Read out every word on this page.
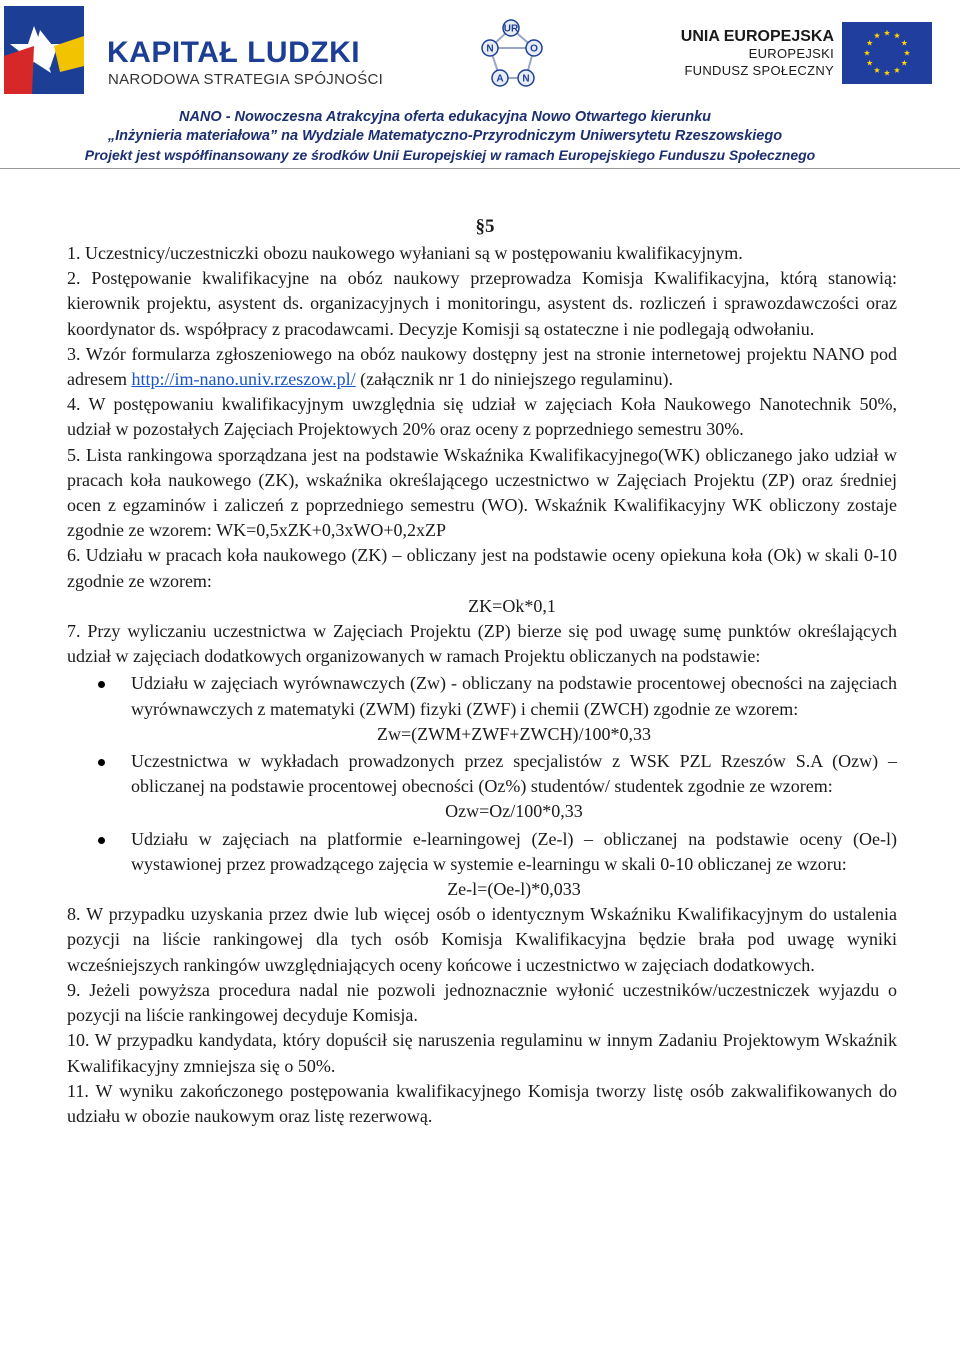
KAPITAŁ LUDZKI
NARODOWA STRATEGIA SPÓJNOŚCI
UR
N	O
A N
UNIA EUROPEJSKA
EUROPEJSKI
FUNDUSZ SPOŁECZNY
NANO - Nowoczesna Atrakcyjna oferta edukacyjna Nowo Otwartego kierunku
„Inżynieria materiałowa” na Wydziale Matematyczno-Przyrodniczym Uniwersytetu Rzeszowskiego
Projekt jest współfinansowany ze środków Unii Europejskiej w ramach Europejskiego Funduszu Społecznego
§5

1. Uczestnicy/uczestniczki obozu naukowego wyłaniani są w postępowaniu kwalifikacyjnym.

2. Postępowanie kwalifikacyjne na obóz naukowy przeprowadza Komisja Kwalifikacyjna, którą stanowią: kierownik projektu, asystent ds. organizacyjnych i monitoringu, asystent ds. rozliczeń i sprawozdawczości oraz koordynator ds. współpracy z pracodawcami. Decyzje Komisji są ostateczne i nie podlegają odwołaniu.

3. Wzór formularza zgłoszeniowego na obóz naukowy dostępny jest na stronie internetowej projektu NANO pod adresem http://im-nano.univ.rzeszow.pl/ (załącznik nr 1 do niniejszego regulaminu).

4. W postępowaniu kwalifikacyjnym uwzględnia się udział w zajęciach Koła Naukowego Nanotechnik 50%, udział w pozostałych Zajęciach Projektowych 20% oraz oceny z poprzedniego semestru 30%.

5. Lista rankingowa sporządzana jest na podstawie Wskaźnika Kwalifikacyjnego(WK) obliczanego jako udział w pracach koła naukowego (ZK), wskaźnika określającego uczestnictwo w Zajęciach Projektu (ZP) oraz średniej ocen z egzaminów i zaliczeń z poprzedniego semestru (WO). Wskaźnik Kwalifikacyjny WK obliczony zostaje zgodnie ze wzorem: WK=0,5xZK+0,3xWO+0,2xZP

6. Udziału w pracach koła naukowego (ZK) – obliczany jest na podstawie oceny opiekuna koła (Ok) w skali 0-10 zgodnie ze wzorem:

ZK=Ok*0,1

7. Przy wyliczaniu uczestnictwa w Zajęciach Projektu (ZP) bierze się pod uwagę sumę punktów określających udział w zajęciach dodatkowych organizowanych w ramach Projektu obliczanych na podstawie:

Udziału w zajęciach wyrównawczych (Zw) - obliczany na podstawie procentowej obecności na zajęciach wyrównawczych z matematyki (ZWM) fizyki (ZWF) i chemii (ZWCH) zgodnie ze wzorem:

Zw=(ZWM+ZWF+ZWCH)/100*0,33

Uczestnictwa w wykładach prowadzonych przez specjalistów z WSK PZL Rzeszów S.A (Ozw) – obliczanej na podstawie procentowej obecności (Oz%) studentów/ studentek zgodnie ze wzorem:

Ozw=Oz/100*0,33

Udziału w zajęciach na platformie e-learningowej (Ze-l) – obliczanej na podstawie oceny (Oe-l) wystawionej przez prowadzącego zajęcia w systemie e-learningu w skali 0-10 obliczanej ze wzoru:

Ze-l=(Oe-l)*0,033

8. W przypadku uzyskania przez dwie lub więcej osób o identycznym Wskaźniku Kwalifikacyjnym do ustalenia pozycji na liście rankingowej dla tych osób Komisja Kwalifikacyjna będzie brała pod uwagę wyniki wcześniejszych rankingów uwzględniających oceny końcowe i uczestnictwo w zajęciach dodatkowych.

9. Jeżeli powyższa procedura nadal nie pozwoli jednoznacznie wyłonić uczestników/uczestniczek wyjazdu o pozycji na liście rankingowej decyduje Komisja.

10. W przypadku kandydata, który dopuścił się naruszenia regulaminu w innym Zadaniu Projektowym Wskaźnik Kwalifikacyjny zmniejsza się o 50%.

11. W wyniku zakończonego postępowania kwalifikacyjnego Komisja tworzy listę osób zakwalifikowanych do udziału w obozie naukowym oraz listę rezerwową.
